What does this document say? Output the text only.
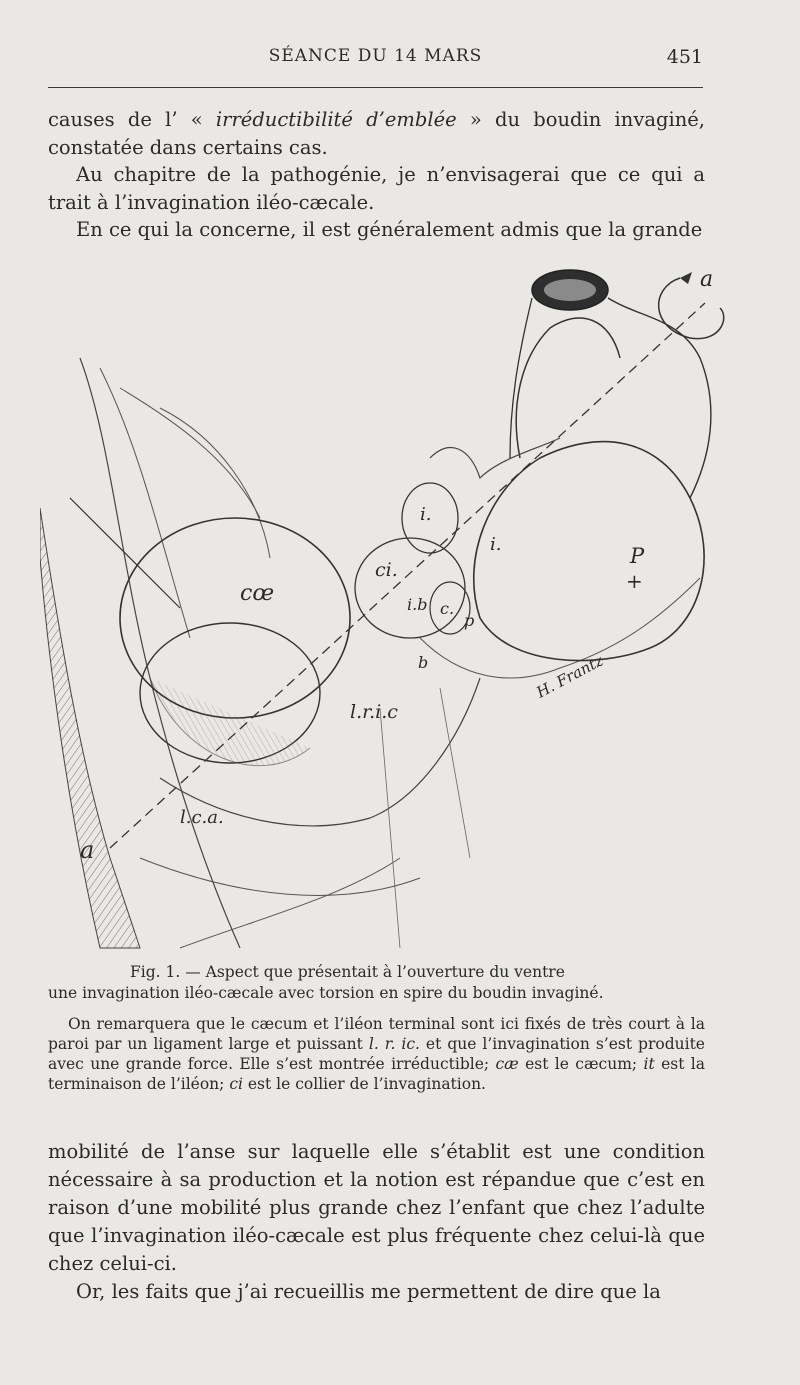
SÉANCE DU 14 MARS	451

causes de l’ « irréductibilité d’emblée » du boudin invaginé, constatée dans certains cas.

Au chapitre de la pathogénie, je n’envisagerai que ce qui a trait à l’invagination iléo-cæcale.

En ce qui la concerne, il est généralement admis que la grande

a
a
cœ
ci.
i.
i.
i.b c.
p
P
+
b
l.r.i.c
l.c.a.
H. Frantz

Fig. 1. — Aspect que présentait à l’ouverture du ventre

une invagination iléo-cæcale avec torsion en spire du boudin invaginé.

On remarquera que le cæcum et l’iléon terminal sont ici fixés de très court à la paroi par un ligament large et puissant l. r. ic. et que l’invagination s’est produite avec une grande force. Elle s’est montrée irréductible; cæ est le cæcum; it est la terminaison de l’iléon; ci est le collier de l’invagination.

mobilité de l’anse sur laquelle elle s’établit est une condition nécessaire à sa production et la notion est répandue que c’est en raison d’une mobilité plus grande chez l’enfant que chez l’adulte que l’invagination iléo-cæcale est plus fréquente chez celui-là que chez celui-ci.

Or, les faits que j’ai recueillis me permettent de dire que la
